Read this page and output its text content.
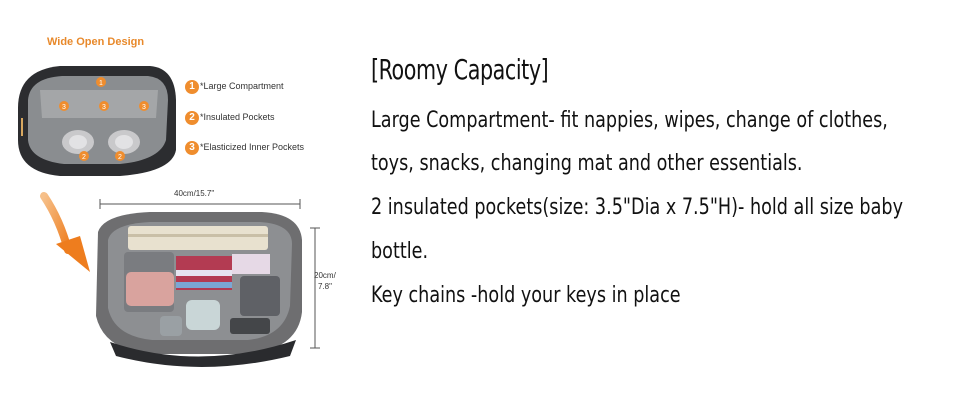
Wide Open Design
1
3	3	3
2	2
1 *Large Compartment
2 *Insulated Pockets
3 *Elasticized Inner Pockets
40cm/15.7"
20cm/
7.8"
[Roomy Capacity]
Large Compartment- fit nappies, wipes, change of clothes,
toys, snacks, changing mat and other essentials.
2 insulated pockets(size: 3.5"Dia x 7.5"H)- hold all size baby
bottle.
Key chains -hold your keys in place
